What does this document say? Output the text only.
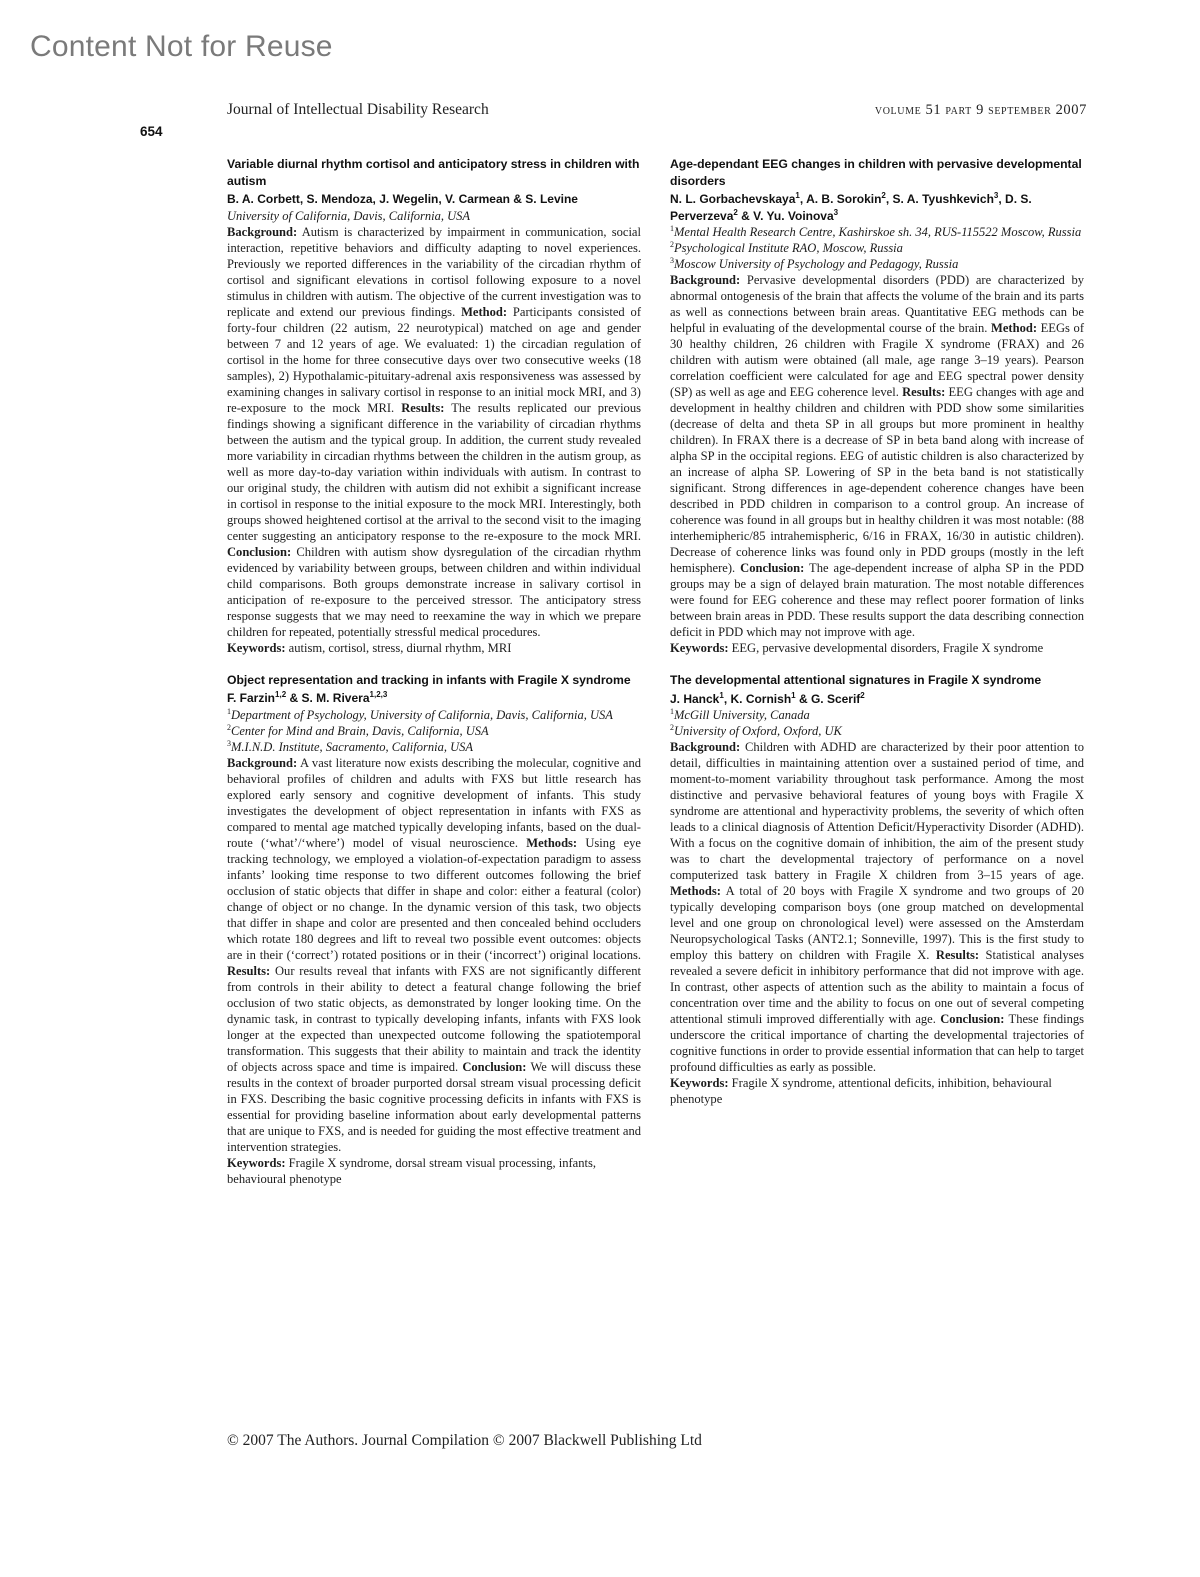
Content Not for Reuse
Journal of Intellectual Disability Research	volume 51 part 9 september 2007
654
Variable diurnal rhythm cortisol and anticipatory stress in children with autism
B. A. Corbett, S. Mendoza, J. Wegelin, V. Carmean & S. Levine
University of California, Davis, California, USA
Background: Autism is characterized by impairment in communication, social interaction, repetitive behaviors and difficulty adapting to novel experiences. Previously we reported differences in the variability of the circadian rhythm of cortisol and significant elevations in cortisol following exposure to a novel stimulus in children with autism. The objective of the current investigation was to replicate and extend our previous findings. Method: Participants consisted of forty-four children (22 autism, 22 neurotypical) matched on age and gender between 7 and 12 years of age. We evaluated: 1) the circadian regulation of cortisol in the home for three consecutive days over two consecutive weeks (18 samples), 2) Hypothalamic-pituitary-adrenal axis responsiveness was assessed by examining changes in salivary cortisol in response to an initial mock MRI, and 3) re-exposure to the mock MRI. Results: The results replicated our previous findings showing a significant difference in the variability of circadian rhythms between the autism and the typical group. In addition, the current study revealed more variability in circadian rhythms between the children in the autism group, as well as more day-to-day variation within individuals with autism. In contrast to our original study, the children with autism did not exhibit a significant increase in cortisol in response to the initial exposure to the mock MRI. Interestingly, both groups showed heightened cortisol at the arrival to the second visit to the imaging center suggesting an anticipatory response to the re-exposure to the mock MRI. Conclusion: Children with autism show dysregulation of the circadian rhythm evidenced by variability between groups, between children and within individual child comparisons. Both groups demonstrate increase in salivary cortisol in anticipation of re-exposure to the perceived stressor. The anticipatory stress response suggests that we may need to reexamine the way in which we prepare children for repeated, potentially stressful medical procedures.
Keywords: autism, cortisol, stress, diurnal rhythm, MRI
Object representation and tracking in infants with Fragile X syndrome
F. Farzin$^{1,2}$ & S. M. Rivera$^{1,2,3}$
$^1$Department of Psychology, University of California, Davis, California, USA
$^2$Center for Mind and Brain, Davis, California, USA
$^3$M.I.N.D. Institute, Sacramento, California, USA
Background: A vast literature now exists describing the molecular, cognitive and behavioral profiles of children and adults with FXS but little research has explored early sensory and cognitive development of infants. This study investigates the development of object representation in infants with FXS as compared to mental age matched typically developing infants, based on the dual-route (‘what’/‘where’) model of visual neuroscience. Methods: Using eye tracking technology, we employed a violation-of-expectation paradigm to assess infants’ looking time response to two different outcomes following the brief occlusion of static objects that differ in shape and color: either a featural (color) change of object or no change. In the dynamic version of this task, two objects that differ in shape and color are presented and then concealed behind occluders which rotate 180 degrees and lift to reveal two possible event outcomes: objects are in their (‘correct’) rotated positions or in their (‘incorrect’) original locations. Results: Our results reveal that infants with FXS are not significantly different from controls in their ability to detect a featural change following the brief occlusion of two static objects, as demonstrated by longer looking time. On the dynamic task, in contrast to typically developing infants, infants with FXS look longer at the expected than unexpected outcome following the spatiotemporal transformation. This suggests that their ability to maintain and track the identity of objects across space and time is impaired. Conclusion: We will discuss these results in the context of broader purported dorsal stream visual processing deficit in FXS. Describing the basic cognitive processing deficits in infants with FXS is essential for providing baseline information about early developmental patterns that are unique to FXS, and is needed for guiding the most effective treatment and intervention strategies.
Keywords: Fragile X syndrome, dorsal stream visual processing, infants, behavioural phenotype
Age-dependant EEG changes in children with pervasive developmental disorders
N. L. Gorbachevskaya$^1$, A. B. Sorokin$^2$, S. A. Tyushkevich$^3$, D. S. Perverzeva$^2$ & V. Yu. Voinova$^3$
$^1$Mental Health Research Centre, Kashirskoe sh. 34, RUS-115522 Moscow, Russia
$^2$Psychological Institute RAO, Moscow, Russia
$^3$Moscow University of Psychology and Pedagogy, Russia
Background: Pervasive developmental disorders (PDD) are characterized by abnormal ontogenesis of the brain that affects the volume of the brain and its parts as well as connections between brain areas. Quantitative EEG methods can be helpful in evaluating of the developmental course of the brain. Method: EEGs of 30 healthy children, 26 children with Fragile X syndrome (FRAX) and 26 children with autism were obtained (all male, age range 3–19 years). Pearson correlation coefficient were calculated for age and EEG spectral power density (SP) as well as age and EEG coherence level. Results: EEG changes with age and development in healthy children and children with PDD show some similarities (decrease of delta and theta SP in all groups but more prominent in healthy children). In FRAX there is a decrease of SP in beta band along with increase of alpha SP in the occipital regions. EEG of autistic children is also characterized by an increase of alpha SP. Lowering of SP in the beta band is not statistically significant. Strong differences in age-dependent coherence changes have been described in PDD children in comparison to a control group. An increase of coherence was found in all groups but in healthy children it was most notable: (88 interhemipheric/85 intrahemispheric, 6/16 in FRAX, 16/30 in autistic children). Decrease of coherence links was found only in PDD groups (mostly in the left hemisphere). Conclusion: The age-dependent increase of alpha SP in the PDD groups may be a sign of delayed brain maturation. The most notable differences were found for EEG coherence and these may reflect poorer formation of links between brain areas in PDD. These results support the data describing connection deficit in PDD which may not improve with age.
Keywords: EEG, pervasive developmental disorders, Fragile X syndrome
The developmental attentional signatures in Fragile X syndrome
J. Hanck$^1$, K. Cornish$^1$ & G. Scerif$^2$
$^1$McGill University, Canada
$^2$University of Oxford, Oxford, UK
Background: Children with ADHD are characterized by their poor attention to detail, difficulties in maintaining attention over a sustained period of time, and moment-to-moment variability throughout task performance. Among the most distinctive and pervasive behavioral features of young boys with Fragile X syndrome are attentional and hyperactivity problems, the severity of which often leads to a clinical diagnosis of Attention Deficit/Hyperactivity Disorder (ADHD). With a focus on the cognitive domain of inhibition, the aim of the present study was to chart the developmental trajectory of performance on a novel computerized task battery in Fragile X children from 3–15 years of age. Methods: A total of 20 boys with Fragile X syndrome and two groups of 20 typically developing comparison boys (one group matched on developmental level and one group on chronological level) were assessed on the Amsterdam Neuropsychological Tasks (ANT2.1; Sonneville, 1997). This is the first study to employ this battery on children with Fragile X. Results: Statistical analyses revealed a severe deficit in inhibitory performance that did not improve with age. In contrast, other aspects of attention such as the ability to maintain a focus of concentration over time and the ability to focus on one out of several competing attentional stimuli improved differentially with age. Conclusion: These findings underscore the critical importance of charting the developmental trajectories of cognitive functions in order to provide essential information that can help to target profound difficulties as early as possible.
Keywords: Fragile X syndrome, attentional deficits, inhibition, behavioural phenotype
© 2007 The Authors. Journal Compilation © 2007 Blackwell Publishing Ltd
